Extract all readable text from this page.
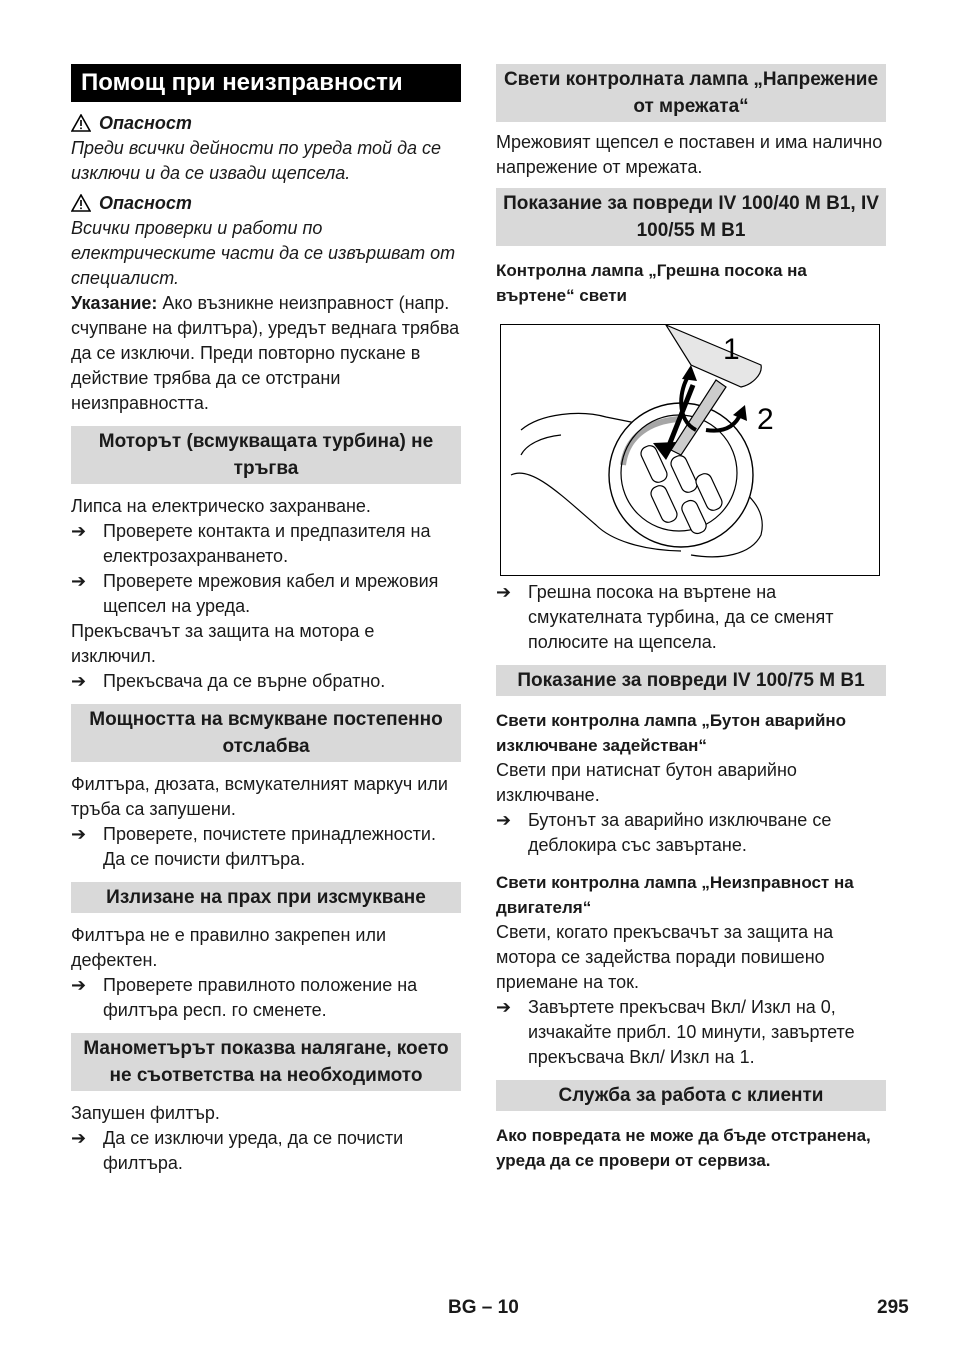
Помощ при неизправности
Опасност

Преди всички дейности по уреда той да се изключи и да се извади щепсела.

Опасност

Всички проверки и работи по електрическите части да се извършват от специалист.

Указание: Ако възникне неизправност (напр. счупване на филтъра), уредът веднага трябва да се изключи. Преди повторно пускане в действие трябва да се отстрани неизправността.

Моторът (всмукващата турбина) не тръгва

Липса на електрическо захранване.

➔ Проверете контакта и предпазителя на електрозахранването.
➔ Проверете мрежовия кабел и мрежовия щепсел на уреда.

Прекъсвачът за защита на мотора е изключил.

➔ Прекъсвача да се върне обратно.
Мощността на всмукване постепенно отслабва

Филтъра, дюзата, всмукателният маркуч или тръба са запушени.

➔ Проверете, почистете принадлежности. Да се почисти филтъра.
Излизане на прах при изсмукване

Филтъра не е правилно закрепен или дефектен.

➔ Проверете правилното положение на филтъра респ. го сменете.
Манометърът показва налягане, което не съответства на необходимото

Запушен филтър.

➔ Да се изключи уреда, да се почисти филтъра.
Свети контролната лампа „Напрежение от мрежата“

Мрежовият щепсел е поставен и има налично напрежение от мрежата.

Показание за повреди IV 100/40 M B1, IV 100/55 M B1

Контролна лампа „Грешна посока на въртене“ свети

1
2
➔ Грешна посока на въртене на смукателната турбина, да се сменят полюсите на щепсела.
Показание за повреди IV 100/75 M B1

Свети контролна лампа „Бутон аварийно изключване задействан“

Свети при натиснат бутон аварийно изключване.

➔ Бутонът за аварийно изключване се деблокира със завъртане.

Свети контролна лампа „Неизправност на двигателя“

Свети, когато прекъсвачът за защита на мотора се задейства поради повишено приемане на ток.

➔ Завъртете прекъсвач Вкл/ Изкл на 0, изчакайте прибл. 10 минути, завъртете прекъсвача Вкл/ Изкл на 1.
Служба за работа с клиенти

Ако повредата не може да бъде отстранена, уреда да се провери от сервиза.

BG – 10	295
